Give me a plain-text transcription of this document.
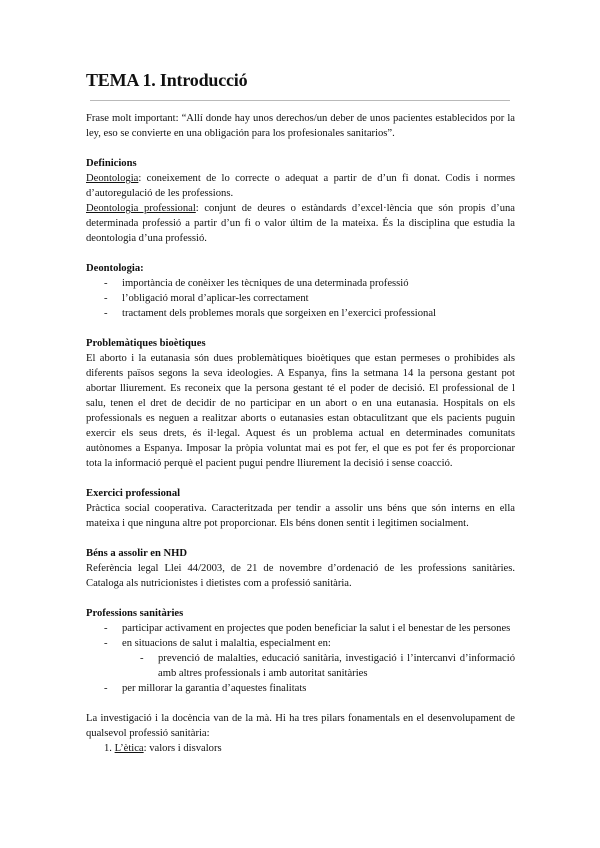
TEMA 1. Introducció

Frase molt important: “Allí donde hay unos derechos/un deber de unos pacientes establecidos por la ley, eso se convierte en una obligación para los profesionales sanitarios”.

Definicions

Deontologia: coneixement de lo correcte o adequat a partir de d’un fi donat. Codis i normes d’autoregulació de les professions.

Deontologia professional: conjunt de deures o estàndards d’excel·lència que són propis d’una determinada professió a partir d’un fi o valor últim de la mateixa. És la disciplina que estudia la deontologia d’una professió.

Deontologia:

- importància de conèixer les tècniques de una determinada professió
- l’obligació moral d’aplicar-les correctament
- tractament dels problemes morals que sorgeixen en l’exercici professional

Problemàtiques bioètiques

El aborto i la eutanasia són dues problemàtiques bioètiques que estan permeses o prohibides als diferents països segons la seva ideologies. A Espanya, fins la setmana 14 la persona gestant pot abortar lliurement. Es reconeix que la persona gestant té el poder de decisió. El professional de l salu, tenen el dret de decidir de no participar en un abort o en una eutanasia. Hospitals on els professionals es neguen a realitzar aborts o eutanasies estan obtaculitzant que els pacients puguin exercir els seus drets, és il·legal. Aquest és un problema actual en determinades comunitats autònomes a Espanya. Imposar la pròpia voluntat mai es pot fer, el que es pot fer és proporcionar tota la informació perquè el pacient pugui pendre lliurement la decisió i sense coacció.

Exercici professional

Pràctica social cooperativa. Caracteritzada per tendir a assolir uns béns que són interns en ella mateixa i que ninguna altre pot proporcionar. Els béns donen sentit i legitimen socialment.

Béns a assolir en NHD

Referència legal Llei 44/2003, de 21 de novembre d’ordenació de les professions sanitàries. Cataloga als nutricionistes i dietistes com a professió sanitària.

Professions sanitàries

- participar activament en projectes que poden beneficiar la salut i el benestar de les persones
- en situacions de salut i malaltia, especialment en:
- prevenció de malalties, educació sanitària, investigació i l’intercanvi d’informació amb altres professionals i amb autoritat sanitàries
- per millorar la garantia d’aquestes finalitats

La investigació i la docència van de la mà. Hi ha tres pilars fonamentals en el desenvolupament de qualsevol professió sanitària:

1. L’ètica: valors i disvalors
